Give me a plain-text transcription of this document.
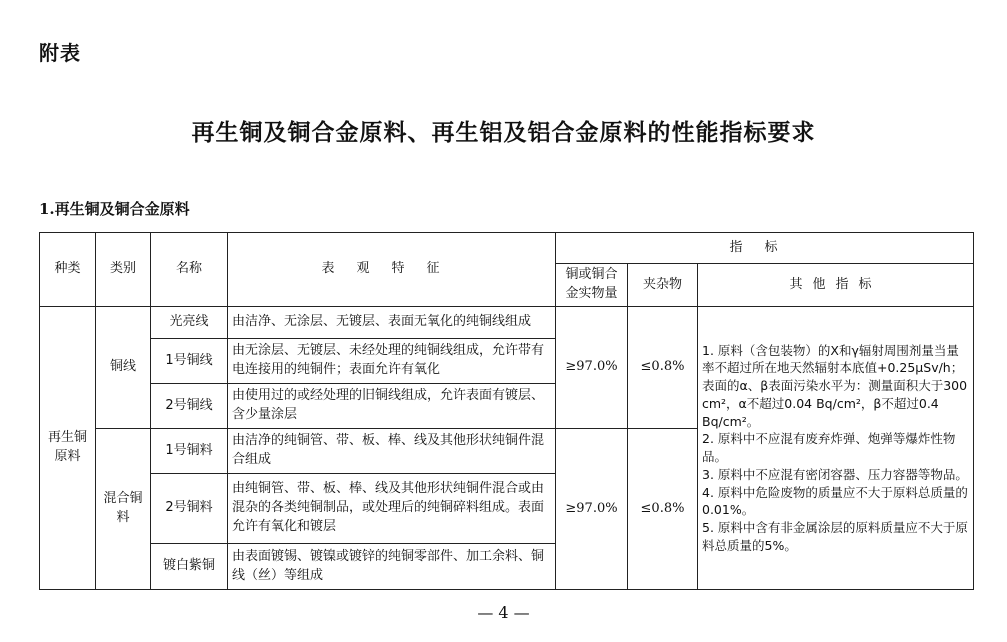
附表
再生铜及铜合金原料、再生铝及铝合金原料的性能指标要求
1.再生铜及铜合金原料
种类	类别	名称	表观特征	指标		
				铜或铜合金实物量	夹杂物	其他指标
再生铜原料	铜线	光亮线	由洁净、无涂层、无镀层、表面无氧化的纯铜线组成	≥97.0%	≤0.8%	1. 原料（含包装物）的X和γ辐射周围剂量当量率不超过所在地天然辐射本底值+0.25μSv/h；表面的α、β表面污染水平为：测量面积大于300 cm²，α不超过0.04 Bq/cm²，β不超过0.4 Bq/cm²。

2. 原料中不应混有废弃炸弹、炮弹等爆炸性物品。

3. 原料中不应混有密闭容器、压力容器等物品。

4. 原料中危险废物的质量应不大于原料总质量的0.01%。

5. 原料中含有非金属涂层的原料质量应不大于原料总质量的5%。

		1号铜线	由无涂层、无镀层、未经处理的纯铜线组成，允许带有电连接用的纯铜件；表面允许有氧化			
		2号铜线	由使用过的或经处理的旧铜线组成，允许表面有镀层、含少量涂层			
	混合铜料	1号铜料	由洁净的纯铜管、带、板、棒、线及其他形状纯铜件混合组成	≥97.0%	≤0.8%	
		2号铜料	由纯铜管、带、板、棒、线及其他形状纯铜件混合或由混杂的各类纯铜制品，或处理后的纯铜碎料组成。表面允许有氧化和镀层			
		镀白紫铜	由表面镀锡、镀镍或镀锌的纯铜零部件、加工余料、铜线（丝）等组成			
— 4 —
